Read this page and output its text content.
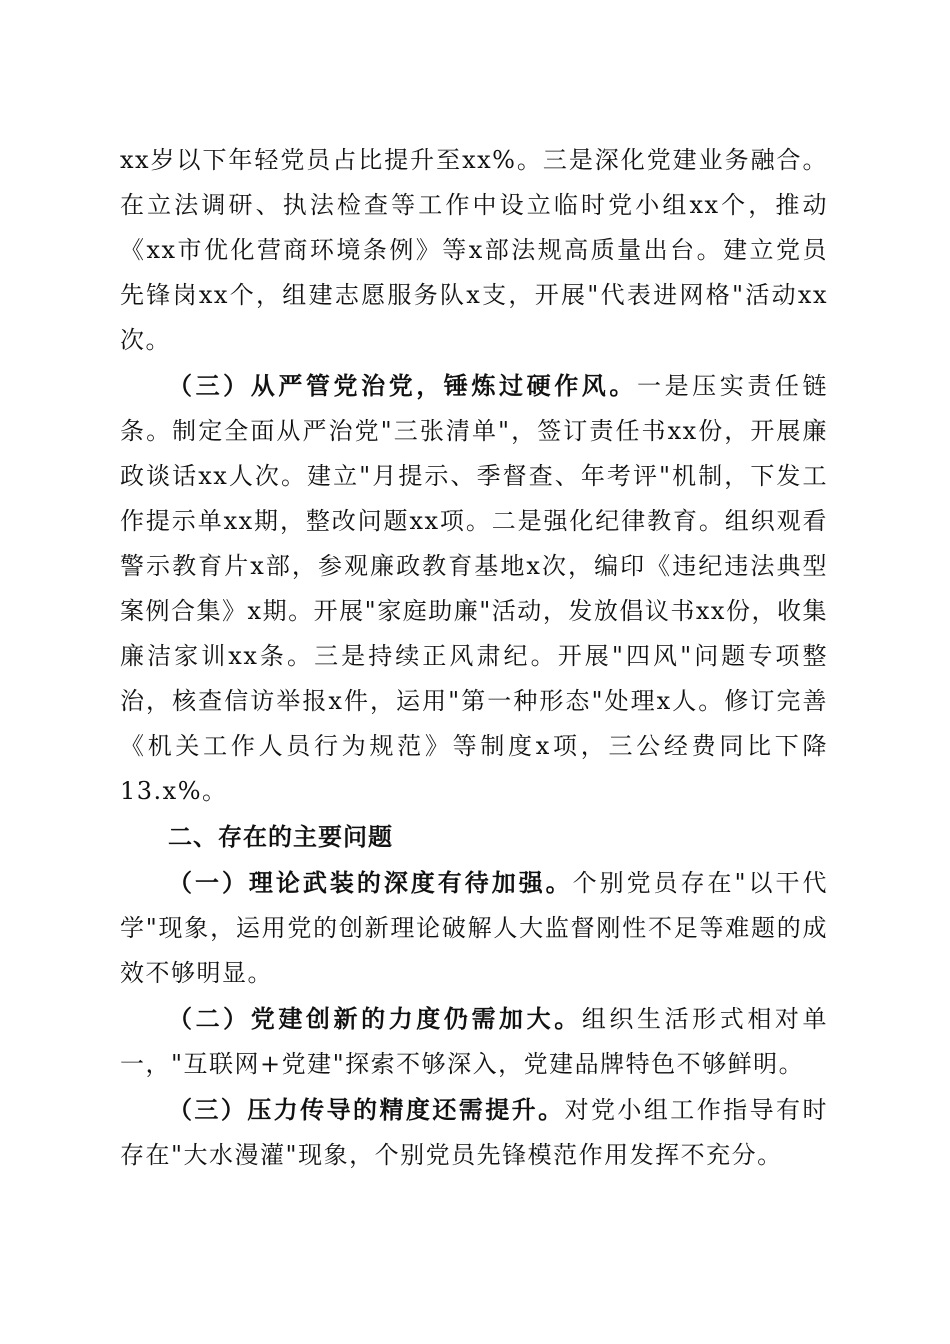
xx岁以下年轻党员占比提升至xx%。三是深化党建业务融合。在立法调研、执法检查等工作中设立临时党小组xx个，推动《xx市优化营商环境条例》等x部法规高质量出台。建立党员先锋岗xx个，组建志愿服务队x支，开展"代表进网格"活动xx次。

（三）从严管党治党，锤炼过硬作风。一是压实责任链条。制定全面从严治党"三张清单"，签订责任书xx份，开展廉政谈话xx人次。建立"月提示、季督查、年考评"机制，下发工作提示单xx期，整改问题xx项。二是强化纪律教育。组织观看警示教育片x部，参观廉政教育基地x次，编印《违纪违法典型案例合集》x期。开展"家庭助廉"活动，发放倡议书xx份，收集廉洁家训xx条。三是持续正风肃纪。开展"四风"问题专项整治，核查信访举报x件，运用"第一种形态"处理x人。修订完善《机关工作人员行为规范》等制度x项，三公经费同比下降13.x%。

二、存在的主要问题

（一）理论武装的深度有待加强。个别党员存在"以干代学"现象，运用党的创新理论破解人大监督刚性不足等难题的成效不够明显。

（二）党建创新的力度仍需加大。组织生活形式相对单一，"互联网+党建"探索不够深入，党建品牌特色不够鲜明。

（三）压力传导的精度还需提升。对党小组工作指导有时存在"大水漫灌"现象，个别党员先锋模范作用发挥不充分。
